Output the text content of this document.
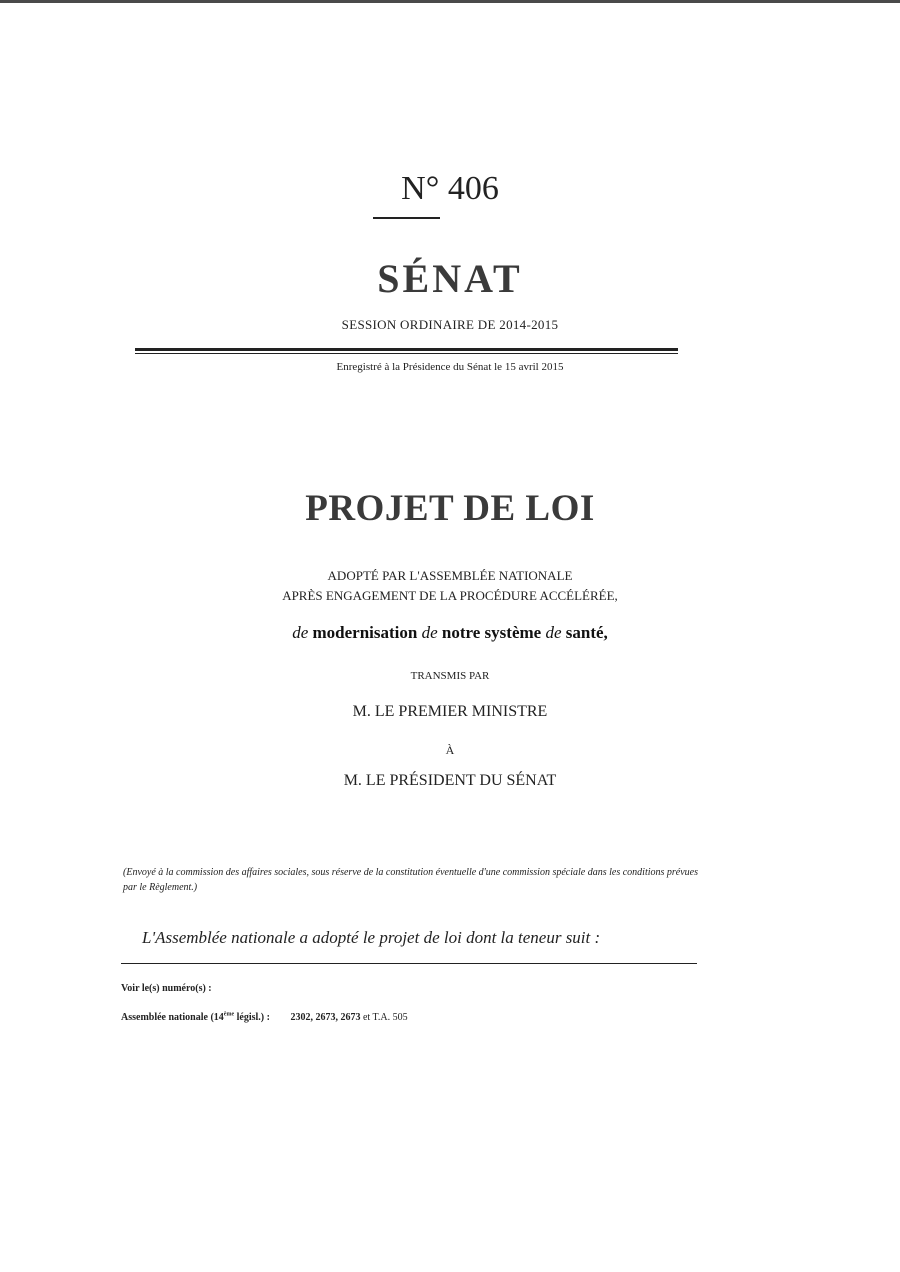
N° 406
SÉNAT
SESSION ORDINAIRE DE 2014-2015
Enregistré à la Présidence du Sénat le 15 avril 2015
PROJET DE LOI
ADOPTÉ PAR L'ASSEMBLÉE NATIONALE
APRÈS ENGAGEMENT DE LA PROCÉDURE ACCÉLÉRÉE,
de modernisation de notre système de santé,
TRANSMIS PAR
M. LE PREMIER MINISTRE
À
M. LE PRÉSIDENT DU SÉNAT
(Envoyé à la commission des affaires sociales, sous réserve de la constitution éventuelle d'une commission spéciale dans les conditions prévues par le Règlement.)
L'Assemblée nationale a adopté le projet de loi dont la teneur suit :
Voir le(s) numéro(s) :
Assemblée nationale (14ème législ.) : 2302, 2673, 2673 et T.A. 505
